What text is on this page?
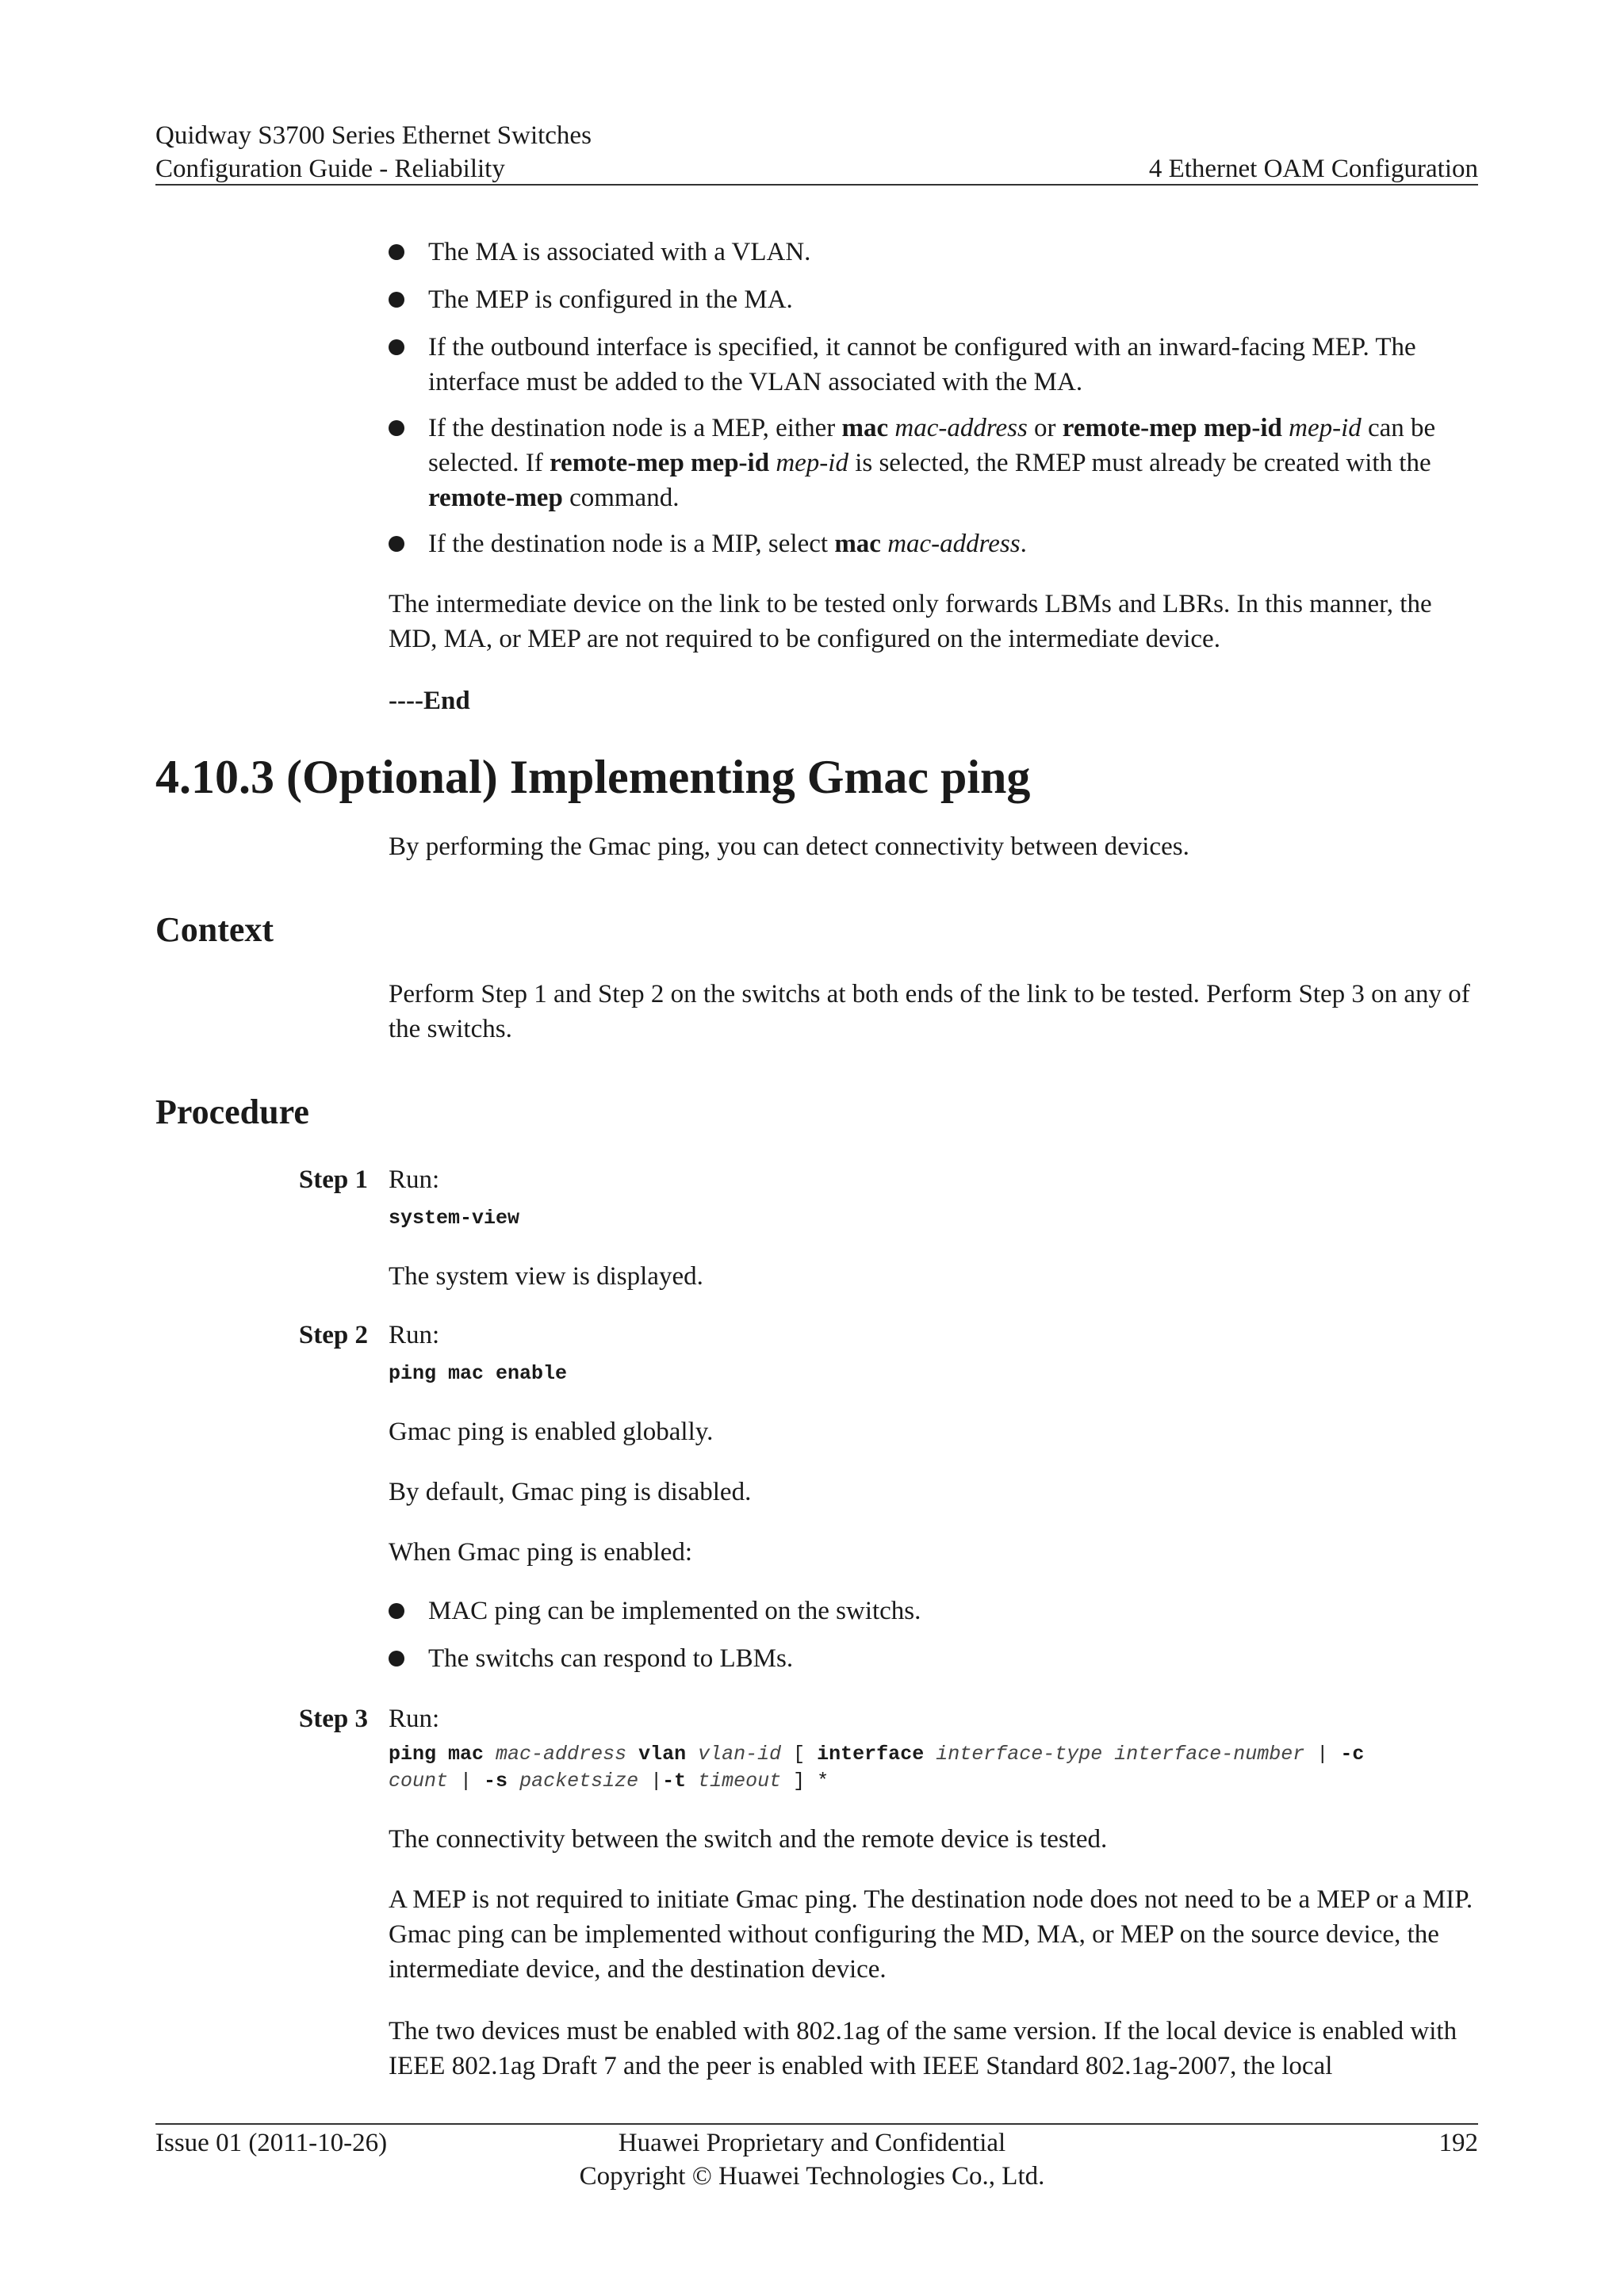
Quidway S3700 Series Ethernet Switches
Configuration Guide - Reliability	4 Ethernet OAM Configuration
The MA is associated with a VLAN.
The MEP is configured in the MA.
If the outbound interface is specified, it cannot be configured with an inward-facing MEP. The interface must be added to the VLAN associated with the MA.
If the destination node is a MEP, either mac mac-address or remote-mep mep-id mep-id can be selected. If remote-mep mep-id mep-id is selected, the RMEP must already be created with the remote-mep command.
If the destination node is a MIP, select mac mac-address.
The intermediate device on the link to be tested only forwards LBMs and LBRs. In this manner, the MD, MA, or MEP are not required to be configured on the intermediate device.
----End
4.10.3 (Optional) Implementing Gmac ping
By performing the Gmac ping, you can detect connectivity between devices.
Context
Perform Step 1 and Step 2 on the switchs at both ends of the link to be tested. Perform Step 3 on any of the switchs.
Procedure
Step 1 Run:
system-view
The system view is displayed.
Step 2 Run:
ping mac enable
Gmac ping is enabled globally.
By default, Gmac ping is disabled.
When Gmac ping is enabled:
MAC ping can be implemented on the switchs.
The switchs can respond to LBMs.
Step 3 Run:
ping mac mac-address vlan vlan-id [ interface interface-type interface-number | -c
count | -s packetsize |-t timeout ] *
The connectivity between the switch and the remote device is tested.
A MEP is not required to initiate Gmac ping. The destination node does not need to be a MEP or a MIP. Gmac ping can be implemented without configuring the MD, MA, or MEP on the source device, the intermediate device, and the destination device.
The two devices must be enabled with 802.1ag of the same version. If the local device is enabled with IEEE 802.1ag Draft 7 and the peer is enabled with IEEE Standard 802.1ag-2007, the local
Issue 01 (2011-10-26)	Huawei Proprietary and Confidential
Copyright © Huawei Technologies Co., Ltd.
192
